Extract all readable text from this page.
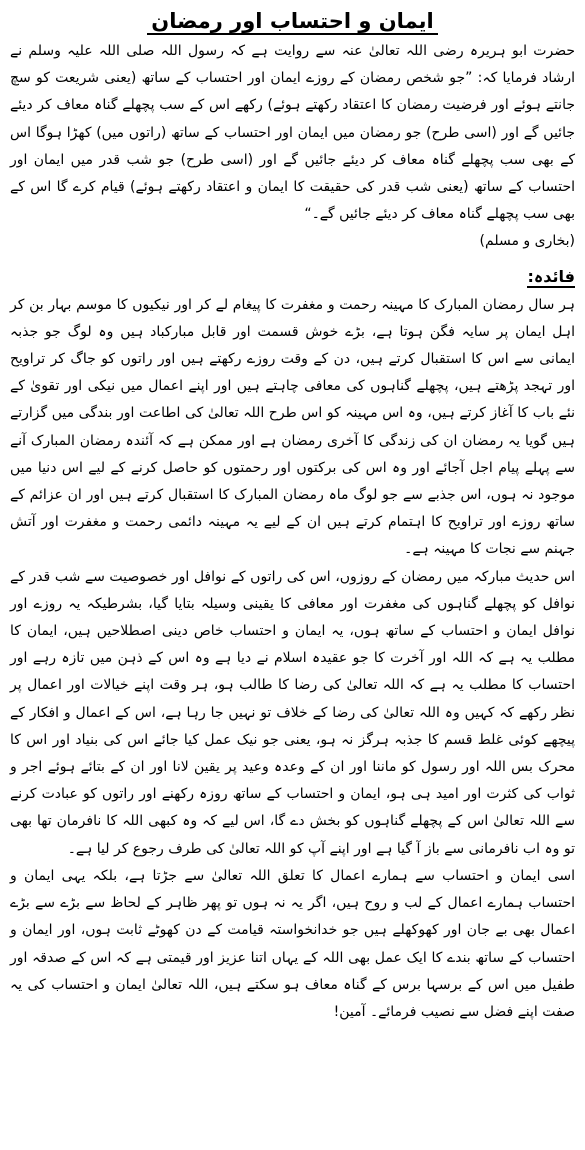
ایمان و احتساب اور رمضان

حضرت ابو ہریرہ رضی اللہ تعالیٰ عنہ سے روایت ہے کہ رسول اللہ صلی اللہ علیہ وسلم نے ارشاد فرمایا کہ: ”جو شخص رمضان کے روزے ایمان اور احتساب کے ساتھ (یعنی شریعت کو سچ جانتے ہوئے اور فرضیت رمضان کا اعتقاد رکھتے ہوئے) رکھے اس کے سب پچھلے گناہ معاف کر دیئے جائیں گے اور (اسی طرح) جو رمضان میں ایمان اور احتساب کے ساتھ (راتوں میں) کھڑا ہوگا اس کے بھی سب پچھلے گناہ معاف کر دیئے جائیں گے اور (اسی طرح) جو شب قدر میں ایمان اور احتساب کے ساتھ (یعنی شب قدر کی حقیقت کا ایمان و اعتقاد رکھتے ہوئے) قیام کرے گا اس کے بھی سب پچھلے گناہ معاف کر دیئے جائیں گے۔“

(بخاری و مسلم)

فائدہ:

ہر سال رمضان المبارک کا مہینہ رحمت و مغفرت کا پیغام لے کر اور نیکیوں کا موسم بہار بن کر اہل ایمان پر سایہ فگن ہوتا ہے، بڑے خوش قسمت اور قابل مبارکباد ہیں وہ لوگ جو جذبہ ایمانی سے اس کا استقبال کرتے ہیں، دن کے وقت روزے رکھتے ہیں اور راتوں کو جاگ کر تراویح اور تہجد پڑھتے ہیں، پچھلے گناہوں کی معافی چاہتے ہیں اور اپنے اعمال میں نیکی اور تقویٰ کے نئے باب کا آغاز کرتے ہیں، وہ اس مہینہ کو اس طرح اللہ تعالیٰ کی اطاعت اور بندگی میں گزارتے ہیں گویا یہ رمضان ان کی زندگی کا آخری رمضان ہے اور ممکن ہے کہ آئندہ رمضان المبارک آنے سے پہلے پیام اجل آجائے اور وہ اس کی برکتوں اور رحمتوں کو حاصل کرنے کے لیے اس دنیا میں موجود نہ ہوں، اس جذبے سے جو لوگ ماہ رمضان المبارک کا استقبال کرتے ہیں اور ان عزائم کے ساتھ روزے اور تراویح کا اہتمام کرتے ہیں ان کے لیے یہ مہینہ دائمی رحمت و مغفرت اور آتش جہنم سے نجات کا مہینہ ہے۔

اس حدیث مبارکہ میں رمضان کے روزوں، اس کی راتوں کے نوافل اور خصوصیت سے شب قدر کے نوافل کو پچھلے گناہوں کی مغفرت اور معافی کا یقینی وسیلہ بتایا گیا، بشرطیکہ یہ روزے اور نوافل ایمان و احتساب کے ساتھ ہوں، یہ ایمان و احتساب خاص دینی اصطلاحیں ہیں، ایمان کا مطلب یہ ہے کہ اللہ اور آخرت کا جو عقیدہ اسلام نے دیا ہے وہ اس کے ذہن میں تازہ رہے اور احتساب کا مطلب یہ ہے کہ اللہ تعالیٰ کی رضا کا طالب ہو، ہر وقت اپنے خیالات اور اعمال پر نظر رکھے کہ کہیں وہ اللہ تعالیٰ کی رضا کے خلاف تو نہیں جا رہا ہے، اس کے اعمال و افکار کے پیچھے کوئی غلط قسم کا جذبہ ہرگز نہ ہو، یعنی جو نیک عمل کیا جائے اس کی بنیاد اور اس کا محرک بس اللہ اور رسول کو ماننا اور ان کے وعدہ وعید پر یقین لانا اور ان کے بتائے ہوئے اجر و ثواب کی کثرت اور امید ہی ہو، ایمان و احتساب کے ساتھ روزہ رکھنے اور راتوں کو عبادت کرنے سے اللہ تعالیٰ اس کے پچھلے گناہوں کو بخش دے گا، اس لیے کہ وہ کبھی اللہ کا نافرمان تھا بھی تو وہ اب نافرمانی سے باز آ گیا ہے اور اپنے آپ کو اللہ تعالیٰ کی طرف رجوع کر لیا ہے۔

اسی ایمان و احتساب سے ہمارے اعمال کا تعلق اللہ تعالیٰ سے جڑتا ہے، بلکہ یہی ایمان و احتساب ہمارے اعمال کے لب و روح ہیں، اگر یہ نہ ہوں تو پھر ظاہر کے لحاظ سے بڑے سے بڑے اعمال بھی بے جان اور کھوکھلے ہیں جو خدانخواستہ قیامت کے دن کھوٹے ثابت ہوں، اور ایمان و احتساب کے ساتھ بندے کا ایک عمل بھی اللہ کے یہاں اتنا عزیز اور قیمتی ہے کہ اس کے صدقہ اور طفیل میں اس کے برسہا برس کے گناہ معاف ہو سکتے ہیں، اللہ تعالیٰ ایمان و احتساب کی یہ صفت اپنے فضل سے نصیب فرمائے۔ آمین!
